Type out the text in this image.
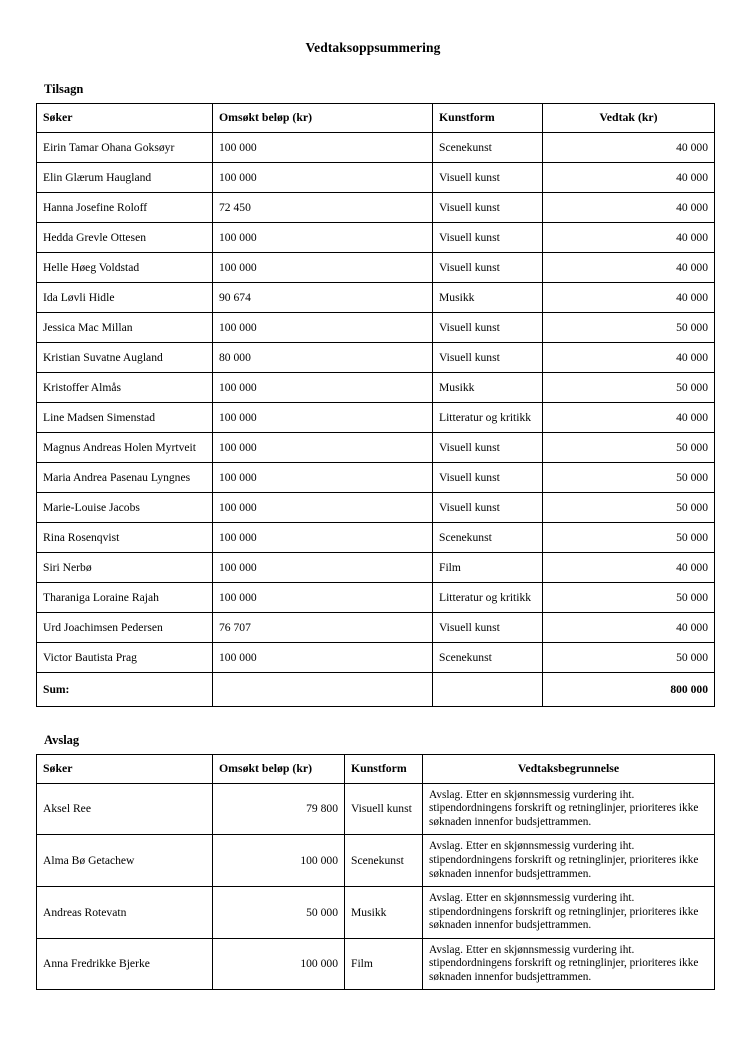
Vedtaksoppsummering
Tilsagn
Søker	Omsøkt beløp (kr)	Kunstform	Vedtak (kr)
Eirin Tamar Ohana Goksøyr	100 000	Scenekunst	40 000
Elin Glærum Haugland	100 000	Visuell kunst	40 000
Hanna Josefine Roloff	72 450	Visuell kunst	40 000
Hedda Grevle Ottesen	100 000	Visuell kunst	40 000
Helle Høeg Voldstad	100 000	Visuell kunst	40 000
Ida Løvli Hidle	90 674	Musikk	40 000
Jessica Mac Millan	100 000	Visuell kunst	50 000
Kristian Suvatne Augland	80 000	Visuell kunst	40 000
Kristoffer Almås	100 000	Musikk	50 000
Line Madsen Simenstad	100 000	Litteratur og kritikk	40 000
Magnus Andreas Holen Myrtveit	100 000	Visuell kunst	50 000
Maria Andrea Pasenau Lyngnes	100 000	Visuell kunst	50 000
Marie-Louise Jacobs	100 000	Visuell kunst	50 000
Rina Rosenqvist	100 000	Scenekunst	50 000
Siri Nerbø	100 000	Film	40 000
Tharaniga Loraine Rajah	100 000	Litteratur og kritikk	50 000
Urd Joachimsen Pedersen	76 707	Visuell kunst	40 000
Victor Bautista Prag	100 000	Scenekunst	50 000
Sum:			800 000
Avslag
Søker	Omsøkt beløp (kr)	Kunstform	Vedtaksbegrunnelse
Aksel Ree	79 800	Visuell kunst	Avslag. Etter en skjønnsmessig vurdering iht. stipendordningens forskrift og retninglinjer, prioriteres ikke søknaden innenfor budsjettrammen.
Alma Bø Getachew	100 000	Scenekunst	Avslag. Etter en skjønnsmessig vurdering iht. stipendordningens forskrift og retninglinjer, prioriteres ikke søknaden innenfor budsjettrammen.
Andreas Rotevatn	50 000	Musikk	Avslag. Etter en skjønnsmessig vurdering iht. stipendordningens forskrift og retninglinjer, prioriteres ikke søknaden innenfor budsjettrammen.
Anna Fredrikke Bjerke	100 000	Film	Avslag. Etter en skjønnsmessig vurdering iht. stipendordningens forskrift og retninglinjer, prioriteres ikke søknaden innenfor budsjettrammen.
